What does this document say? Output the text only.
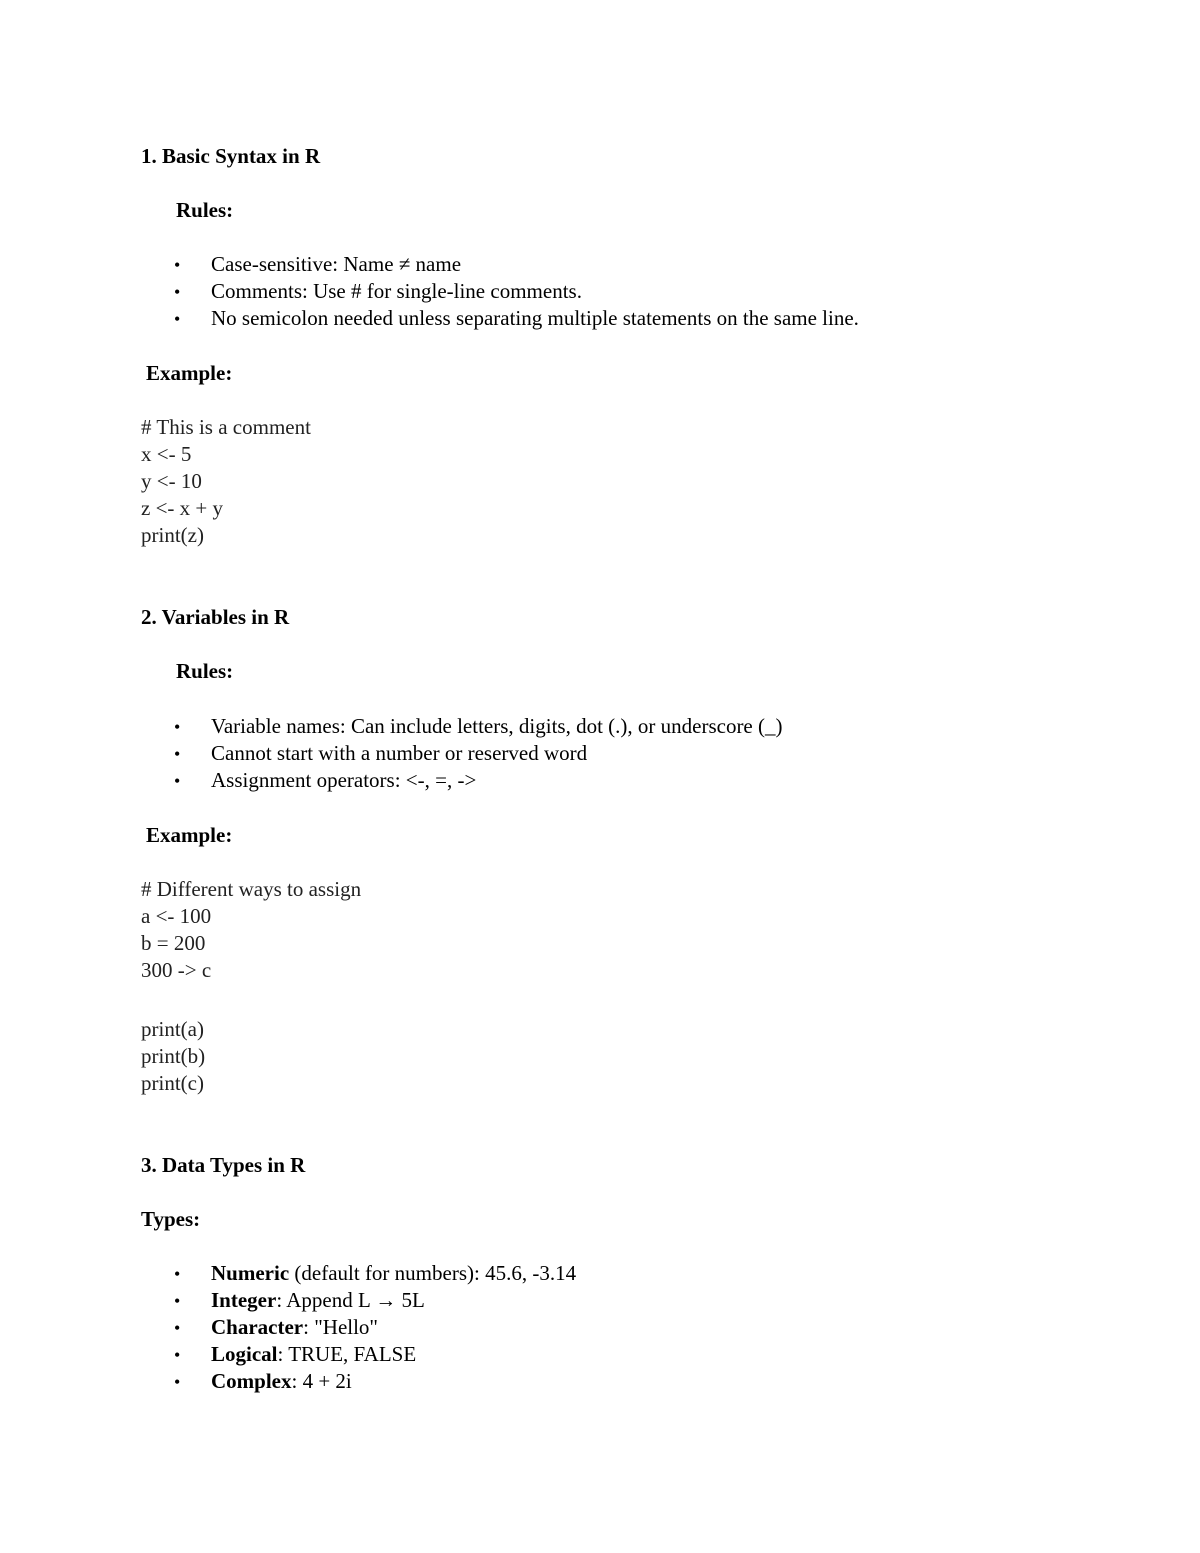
1. Basic Syntax in R
Rules:
• Case-sensitive: Name ≠ name
• Comments: Use # for single-line comments.
• No semicolon needed unless separating multiple statements on the same line.
Example:
# This is a comment
x <- 5
y <- 10
z <- x + y
print(z)
2. Variables in R
Rules:
• Variable names: Can include letters, digits, dot (.), or underscore (_)
• Cannot start with a number or reserved word
• Assignment operators: <-, =, ->
Example:
# Different ways to assign
a <- 100
b = 200
300 -> c
print(a)
print(b)
print(c)
3. Data Types in R
Types:
• Numeric (default for numbers): 45.6, -3.14
• Integer: Append L → 5L
• Character: "Hello"
• Logical: TRUE, FALSE
• Complex: 4 + 2i
